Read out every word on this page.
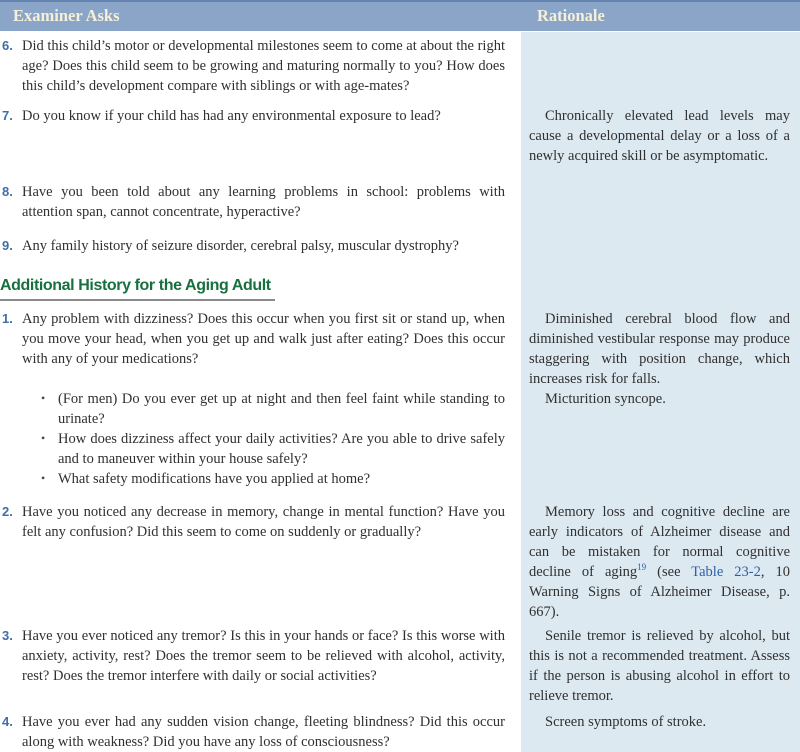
Examiner Asks	Rationale
6. Did this child’s motor or developmental milestones seem to come at about the right age? Does this child seem to be growing and maturing normally to you? How does this child’s development compare with siblings or with age-mates?
7. Do you know if your child has had any environmental exposure to lead?	Chronically elevated lead levels may cause a developmental delay or a loss of a newly acquired skill or be asymptomatic.

8. Have you been told about any learning problems in school: problems with attention span, cannot concentrate, hyperactive?
9. Any family history of seizure disorder, cerebral palsy, muscular dystrophy?
Additional History for the Aging Adult
1. Any problem with dizziness? Does this occur when you first sit or stand up, when you move your head, when you get up and walk just after eating? Does this occur with any of your medications?
• (For men) Do you ever get up at night and then feel faint while standing to urinate?
• How does dizziness affect your daily activities? Are you able to drive safely and to maneuver within your house safely?
• What safety modifications have you applied at home?

Diminished cerebral blood flow and diminished vestibular response may produce staggering with position change, which increases risk for falls.

Micturition syncope.

2. Have you noticed any decrease in memory, change in mental function? Have you felt any confusion? Did this seem to come on suddenly or gradually?

Memory loss and cognitive decline are early indicators of Alzheimer disease and can be mistaken for normal cognitive decline of aging$^{19}$ (see Table 23-2, 10 Warning Signs of Alzheimer Disease, p. 667).

3. Have you ever noticed any tremor? Is this in your hands or face? Is this worse with anxiety, activity, rest? Does the tremor seem to be relieved with alcohol, activity, rest? Does the tremor interfere with daily or social activities?

Senile tremor is relieved by alcohol, but this is not a recommended treatment. Assess if the person is abusing alcohol in effort to relieve tremor.

4. Have you ever had any sudden vision change, fleeting blindness? Did this occur along with weakness? Did you have any loss of consciousness?

Screen symptoms of stroke.
